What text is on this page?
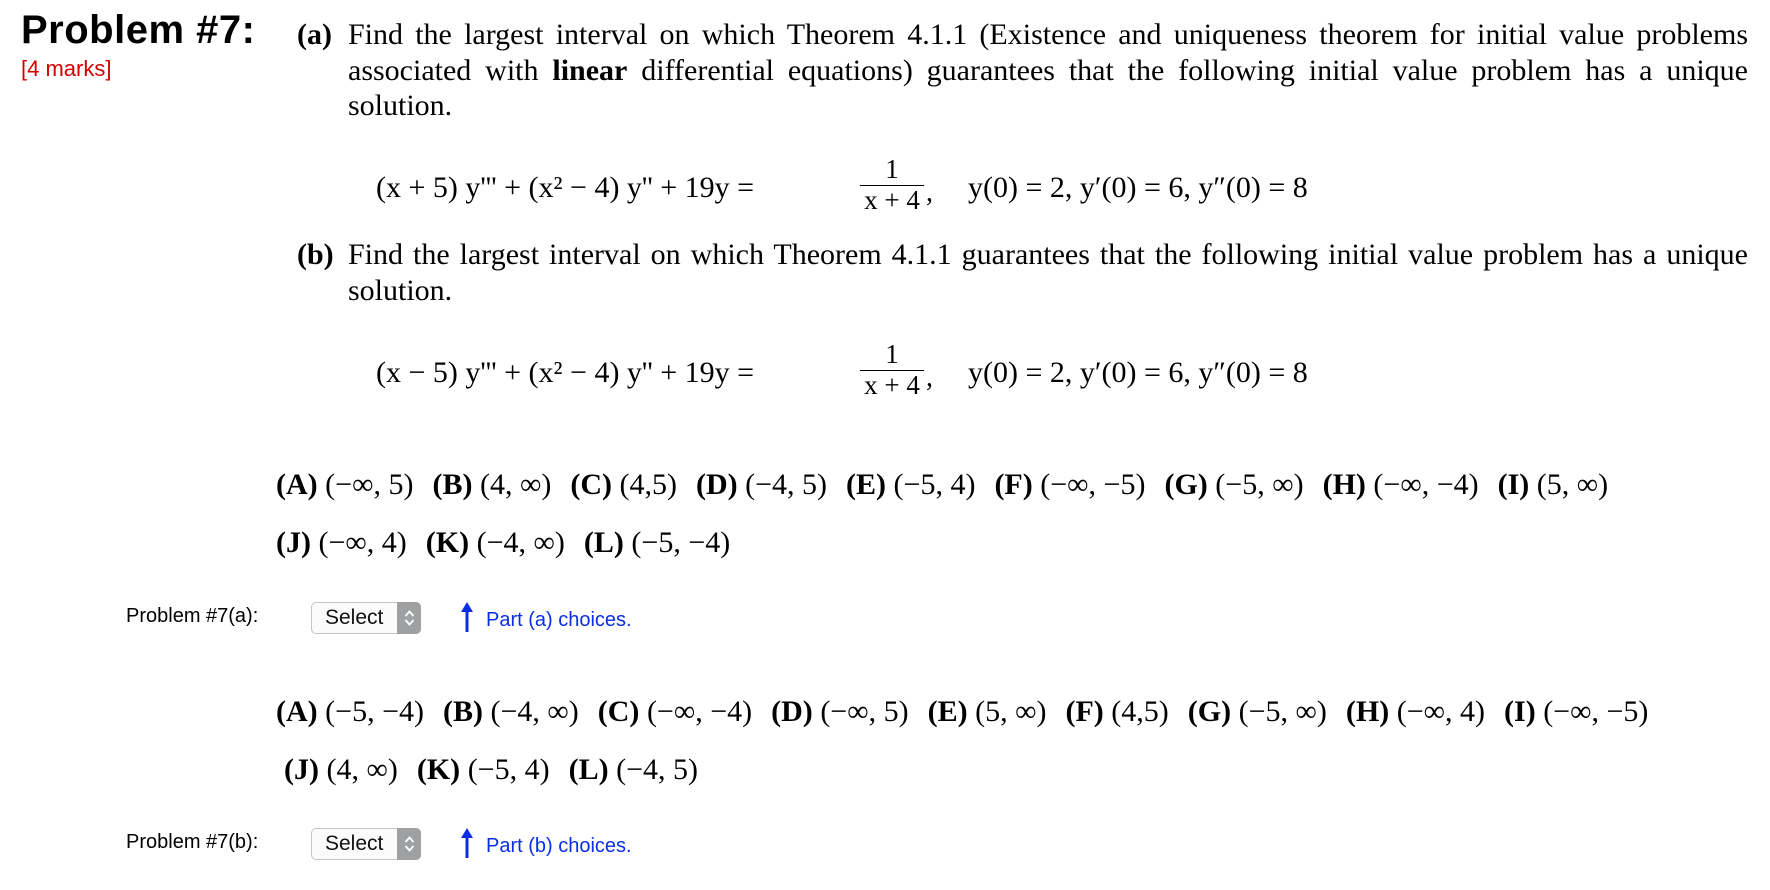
Problem #7:
[4 marks]
(a) Find the largest interval on which Theorem 4.1.1 (Existence and uniqueness theorem for initial value problems associated with linear differential equations) guarantees that the following initial value problem has a unique solution.
(x + 5) y''' + (x² − 4) y'' + 19y =	$\frac{1}{x + 4}$ , y(0) = 2, y′(0) = 6, y″(0) = 8
(b) Find the largest interval on which Theorem 4.1.1 guarantees that the following initial value problem has a unique solution.
(x − 5) y''' + (x² − 4) y'' + 19y =	$\frac{1}{x + 4}$ , y(0) = 2, y′(0) = 6, y″(0) = 8
(A) (−∞, 5) (B) (4, ∞) (C) (4,5) (D) (−4, 5) (E) (−5, 4) (F) (−∞, −5) (G) (−5, ∞) (H) (−∞, −4) (I) (5, ∞)
(J) (−∞, 4) (K) (−4, ∞) (L) (−5, −4)
Problem #7(a):	Select	Part (a) choices.
(A) (−5, −4) (B) (−4, ∞) (C) (−∞, −4) (D) (−∞, 5) (E) (5, ∞) (F) (4,5) (G) (−5, ∞) (H) (−∞, 4) (I) (−∞, −5)
(J) (4, ∞) (K) (−5, 4) (L) (−4, 5)
Problem #7(b):	Select	Part (b) choices.
